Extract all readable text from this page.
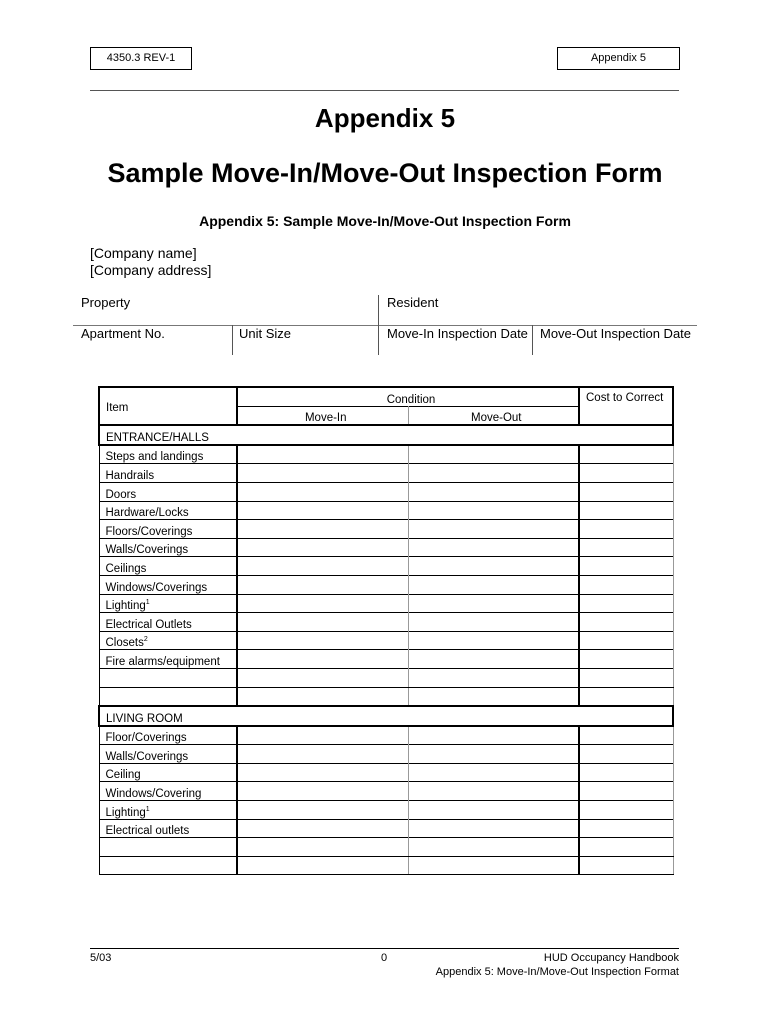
4350.3 REV-1	Appendix 5
Appendix 5
Sample Move-In/Move-Out Inspection Form
Appendix 5: Sample Move-In/Move-Out Inspection Form
[Company name]
[Company address]
Property	Resident
Apartment No.	Unit Size	Move-In Inspection Date Move-Out Inspection Date
Item	Condition		Cost to Correct
	Move-In	Move-Out	
ENTRANCE/HALLS			
Steps and landings			
Handrails			
Doors			
Hardware/Locks			
Floors/Coverings			
Walls/Coverings			
Ceilings			
Windows/Coverings			
Lighting$^1$			
Electrical Outlets			
Closets$^2$			
Fire alarms/equipment			

LIVING ROOM			
Floor/Coverings			
Walls/Coverings			
Ceiling			
Windows/Covering			
Lighting$^1$			
Electrical outlets			

5/03	0	HUD Occupancy Handbook
Appendix 5: Move-In/Move-Out Inspection Format
